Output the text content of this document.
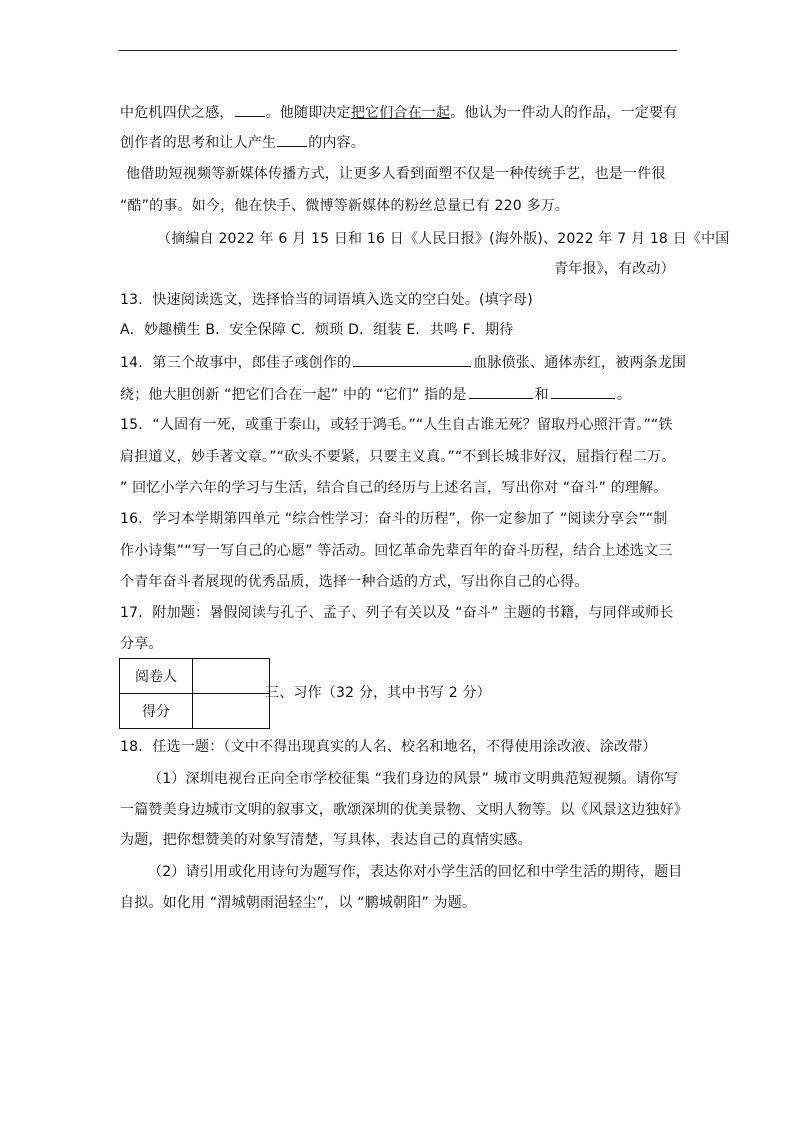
中危机四伏之感， 。他随即决定把它们合在一起。他认为一件动人的作品，一定要有
创作者的思考和让人产生 的内容。
他借助短视频等新媒体传播方式，让更多人看到面塑不仅是一种传统手艺，也是一件很
“酷”的事。如今，他在快手、微博等新媒体的粉丝总量已有 220 多万。
（摘编自 2022 年 6 月 15 日和 16 日《人民日报》(海外版)、2022 年 7 月 18 日《中国
青年报》，有改动）
13．快速阅读选文，选择恰当的词语填入选文的空白处。(填字母)
A．妙趣横生 B．安全保障 C．烦琐 D．组装 E．共鸣 F．期待
14．第三个故事中，郎佳子彧创作的	血脉偾张、通体赤红，被两条龙围
绕；他大胆创新 “把它们合在一起” 中的 “它们” 指的是	和	。
15．“人固有一死，或重于泰山，或轻于鸿毛。”“人生自古谁无死？留取丹心照汗青。”“铁
肩担道义，妙手著文章。”“砍头不要紧，只要主义真。”“不到长城非好汉，屈指行程二万。
” 回忆小学六年的学习与生活，结合自己的经历与上述名言，写出你对 “奋斗” 的理解。
16．学习本学期第四单元 “综合性学习：奋斗的历程”，你一定参加了 “阅读分享会”“制
作小诗集”“写一写自己的心愿” 等活动。回忆革命先辈百年的奋斗历程，结合上述选文三
个青年奋斗者展现的优秀品质，选择一种合适的方式，写出你自己的心得。
17．附加题：暑假阅读与孔子、孟子、列子有关以及 “奋斗” 主题的书籍，与同伴或师长
分享。
阅卷人	
得分	
三、习作（32 分，其中书写 2 分）
18．任选一题：（文中不得出现真实的人名、校名和地名，不得使用涂改液、涂改带）
（1）深圳电视台正向全市学校征集 “我们身边的风景” 城市文明典范短视频。请你写
一篇赞美身边城市文明的叙事文，歌颂深圳的优美景物、文明人物等。以《风景这边独好》
为题，把你想赞美的对象写清楚，写具体，表达自己的真情实感。
（2）请引用或化用诗句为题写作，表达你对小学生活的回忆和中学生活的期待，题目
自拟。如化用 “渭城朝雨浥轻尘”，以 “鹏城朝阳” 为题。
